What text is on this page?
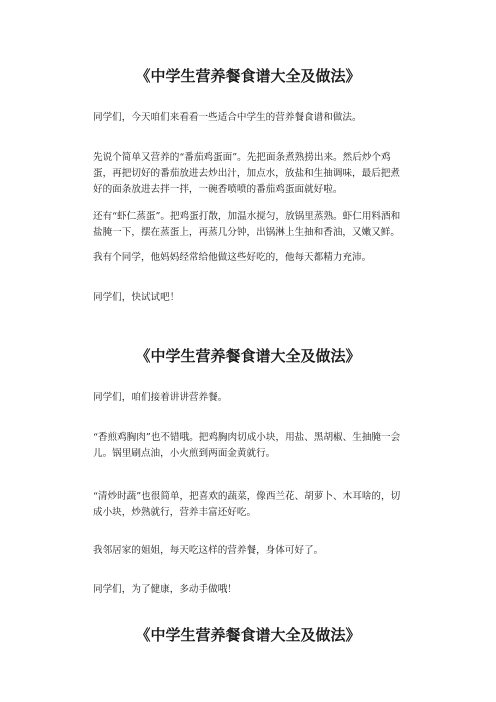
《中学生营养餐食谱大全及做法》

同学们，今天咱们来看看一些适合中学生的营养餐食谱和做法。

先说个简单又营养的“番茄鸡蛋面”。先把面条煮熟捞出来。然后炒个鸡蛋，再把切好的番茄放进去炒出汁，加点水，放盐和生抽调味，最后把煮好的面条放进去拌一拌，一碗香喷喷的番茄鸡蛋面就好啦。

还有“虾仁蒸蛋”。把鸡蛋打散，加温水搅匀，放锅里蒸熟。虾仁用料酒和盐腌一下，摆在蒸蛋上，再蒸几分钟，出锅淋上生抽和香油，又嫩又鲜。

我有个同学，他妈妈经常给他做这些好吃的，他每天都精力充沛。

同学们，快试试吧！

《中学生营养餐食谱大全及做法》

同学们，咱们接着讲讲营养餐。

“香煎鸡胸肉”也不错哦。把鸡胸肉切成小块，用盐、黑胡椒、生抽腌一会儿。锅里刷点油，小火煎到两面金黄就行。

“清炒时蔬”也很简单，把喜欢的蔬菜，像西兰花、胡萝卜、木耳啥的，切成小块，炒熟就行，营养丰富还好吃。

我邻居家的姐姐，每天吃这样的营养餐，身体可好了。

同学们，为了健康，多动手做哦！

《中学生营养餐食谱大全及做法》
